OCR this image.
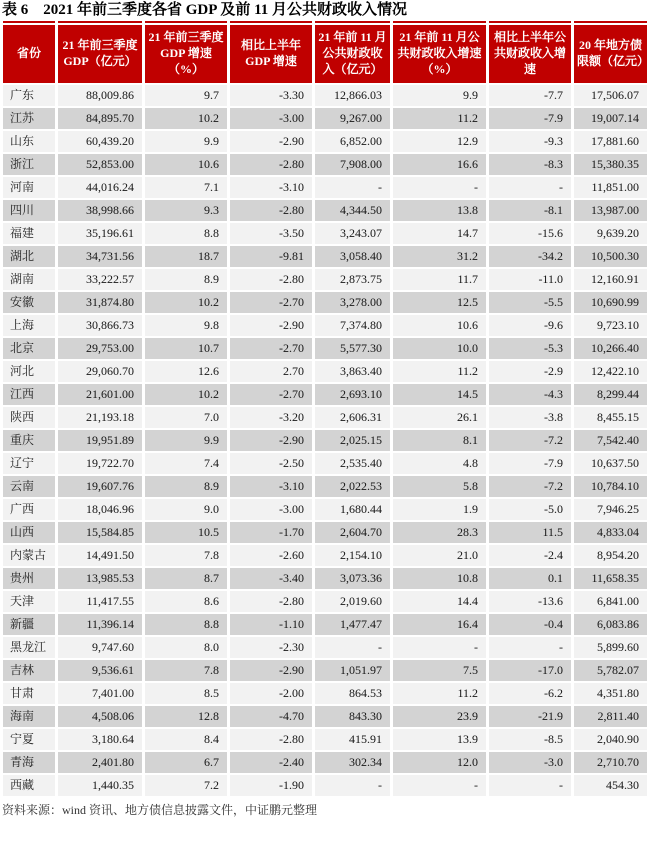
表 6　2021 年前三季度各省 GDP 及前 11 月公共财政收入情况
省份	21 年前三季度 GDP（亿元）	21 年前三季度 GDP 增速（%）	相比上半年 GDP 增速	21 年前 11 月公共财政收入（亿元）	21 年前 11 月公共财政收入增速（%）	相比上半年公共财政收入增速	20 年地方债限额（亿元）
广东	88,009.86	9.7	-3.30	12,866.03	9.9	-7.7	17,506.07
江苏	84,895.70	10.2	-3.00	9,267.00	11.2	-7.9	19,007.14
山东	60,439.20	9.9	-2.90	6,852.00	12.9	-9.3	17,881.60
浙江	52,853.00	10.6	-2.80	7,908.00	16.6	-8.3	15,380.35
河南	44,016.24	7.1	-3.10	-	-	-	11,851.00
四川	38,998.66	9.3	-2.80	4,344.50	13.8	-8.1	13,987.00
福建	35,196.61	8.8	-3.50	3,243.07	14.7	-15.6	9,639.20
湖北	34,731.56	18.7	-9.81	3,058.40	31.2	-34.2	10,500.30
湖南	33,222.57	8.9	-2.80	2,873.75	11.7	-11.0	12,160.91
安徽	31,874.80	10.2	-2.70	3,278.00	12.5	-5.5	10,690.99
上海	30,866.73	9.8	-2.90	7,374.80	10.6	-9.6	9,723.10
北京	29,753.00	10.7	-2.70	5,577.30	10.0	-5.3	10,266.40
河北	29,060.70	12.6	2.70	3,863.40	11.2	-2.9	12,422.10
江西	21,601.00	10.2	-2.70	2,693.10	14.5	-4.3	8,299.44
陕西	21,193.18	7.0	-3.20	2,606.31	26.1	-3.8	8,455.15
重庆	19,951.89	9.9	-2.90	2,025.15	8.1	-7.2	7,542.40
辽宁	19,722.70	7.4	-2.50	2,535.40	4.8	-7.9	10,637.50
云南	19,607.76	8.9	-3.10	2,022.53	5.8	-7.2	10,784.10
广西	18,046.96	9.0	-3.00	1,680.44	1.9	-5.0	7,946.25
山西	15,584.85	10.5	-1.70	2,604.70	28.3	11.5	4,833.04
内蒙古	14,491.50	7.8	-2.60	2,154.10	21.0	-2.4	8,954.20
贵州	13,985.53	8.7	-3.40	3,073.36	10.8	0.1	11,658.35
天津	11,417.55	8.6	-2.80	2,019.60	14.4	-13.6	6,841.00
新疆	11,396.14	8.8	-1.10	1,477.47	16.4	-0.4	6,083.86
黑龙江	9,747.60	8.0	-2.30	-	-	-	5,899.60
吉林	9,536.61	7.8	-2.90	1,051.97	7.5	-17.0	5,782.07
甘肃	7,401.00	8.5	-2.00	864.53	11.2	-6.2	4,351.80
海南	4,508.06	12.8	-4.70	843.30	23.9	-21.9	2,811.40
宁夏	3,180.64	8.4	-2.80	415.91	13.9	-8.5	2,040.90
青海	2,401.80	6.7	-2.40	302.34	12.0	-3.0	2,710.70
西藏	1,440.35	7.2	-1.90	-	-	-	454.30
资料来源：wind 资讯、地方债信息披露文件，中证鹏元整理
